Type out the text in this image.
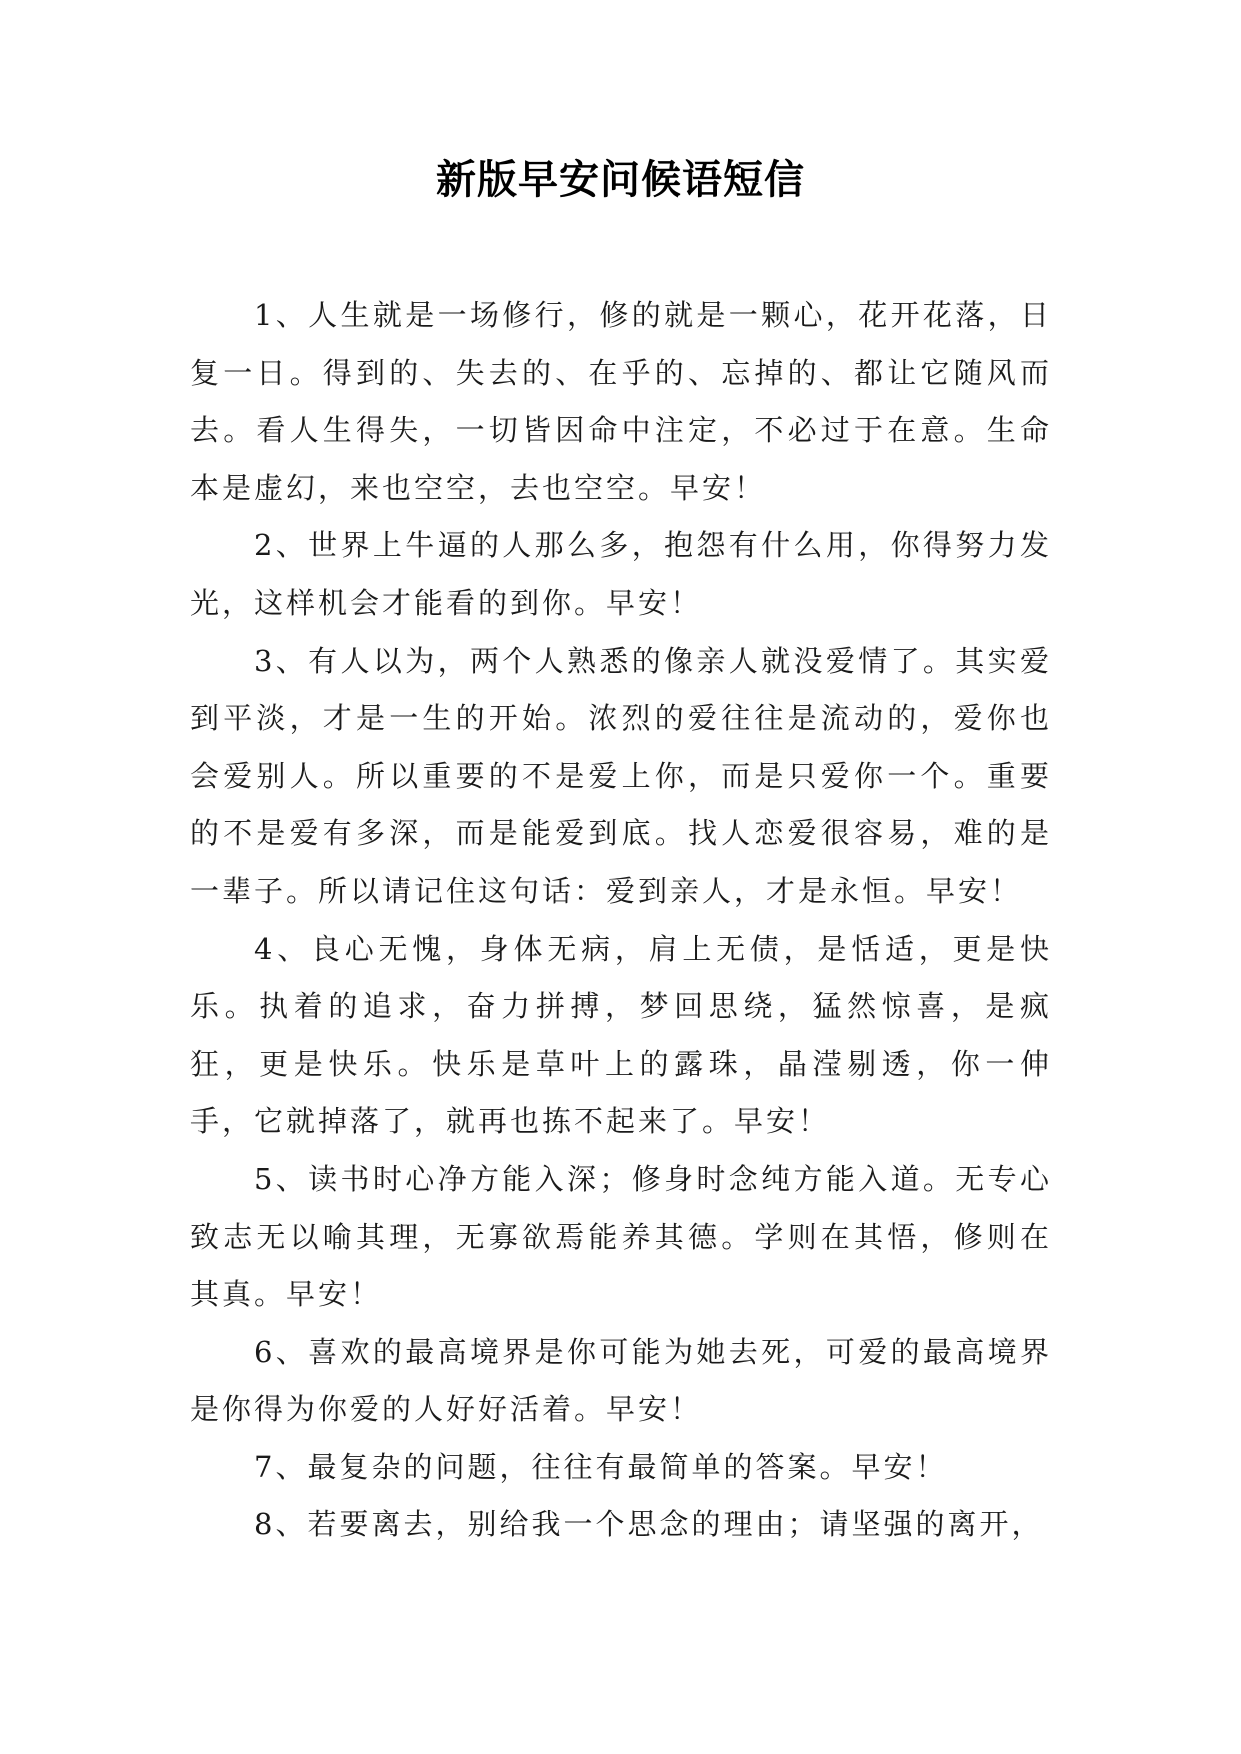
新版早安问候语短信

1、人生就是一场修行，修的就是一颗心，花开花落，日复一日。得到的、失去的、在乎的、忘掉的、都让它随风而去。看人生得失，一切皆因命中注定，不必过于在意。生命本是虚幻，来也空空，去也空空。早安！

2、世界上牛逼的人那么多，抱怨有什么用，你得努力发光，这样机会才能看的到你。早安！

3、有人以为，两个人熟悉的像亲人就没爱情了。其实爱到平淡，才是一生的开始。浓烈的爱往往是流动的，爱你也会爱别人。所以重要的不是爱上你，而是只爱你一个。重要的不是爱有多深，而是能爱到底。找人恋爱很容易，难的是一辈子。所以请记住这句话：爱到亲人，才是永恒。早安！

4、良心无愧，身体无病，肩上无债，是恬适，更是快乐。执着的追求，奋力拼搏，梦回思绕，猛然惊喜，是疯狂，更是快乐。快乐是草叶上的露珠，晶滢剔透，你一伸手，它就掉落了，就再也拣不起来了。早安！

5、读书时心净方能入深；修身时念纯方能入道。无专心致志无以喻其理，无寡欲焉能养其德。学则在其悟，修则在其真。早安！

6、喜欢的最高境界是你可能为她去死，可爱的最高境界是你得为你爱的人好好活着。早安！

7、最复杂的问题，往往有最简单的答案。早安！

8、若要离去，别给我一个思念的理由；请坚强的离开，
